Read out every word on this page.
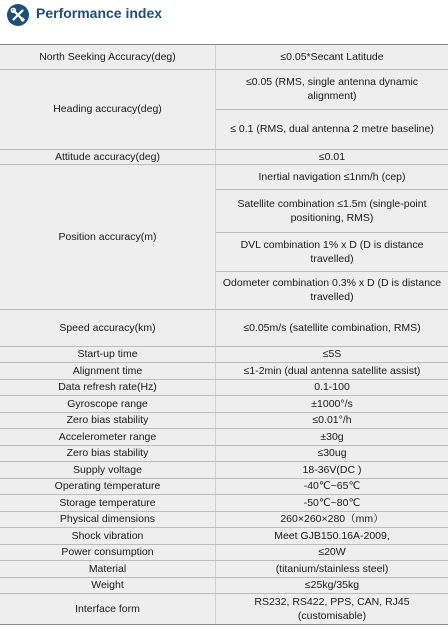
Performance index
North Seeking Accuracy(deg)	≤0.05*Secant Latitude
Heading accuracy(deg)	≤0.05 (RMS, single antenna dynamic alignment)
	≤ 0.1 (RMS, dual antenna 2 metre baseline)
Attitude accuracy(deg)	≤0.01
Position accuracy(m)	Inertial navigation ≤1nm/h (cep)
	Satellite combination ≤1.5m (single-point positioning, RMS)
	DVL combination 1% x D (D is distance travelled)
	Odometer combination 0.3% x D (D is distance travelled)
Speed accuracy(km)	≤0.05m/s (satellite combination, RMS)
Start-up time	≤5S
Alignment time	≤1-2min (dual antenna satellite assist)
Data refresh rate(Hz)	0.1-100
Gyroscope range	±1000°/s
Zero bias stability	≤0.01°/h
Accelerometer range	±30g
Zero bias stability	≤30ug
Supply voltage	18-36V(DC )
Operating temperature	-40℃~65℃
Storage temperature	-50℃~80℃
Physical dimensions	260×260×280（mm）
Shock vibration	Meet GJB150.16A-2009,
Power consumption	≤20W
Material	(titanium/stainless steel)
Weight	≤25kg/35kg
Interface form	RS232, RS422, PPS, CAN, RJ45 (customisable)
